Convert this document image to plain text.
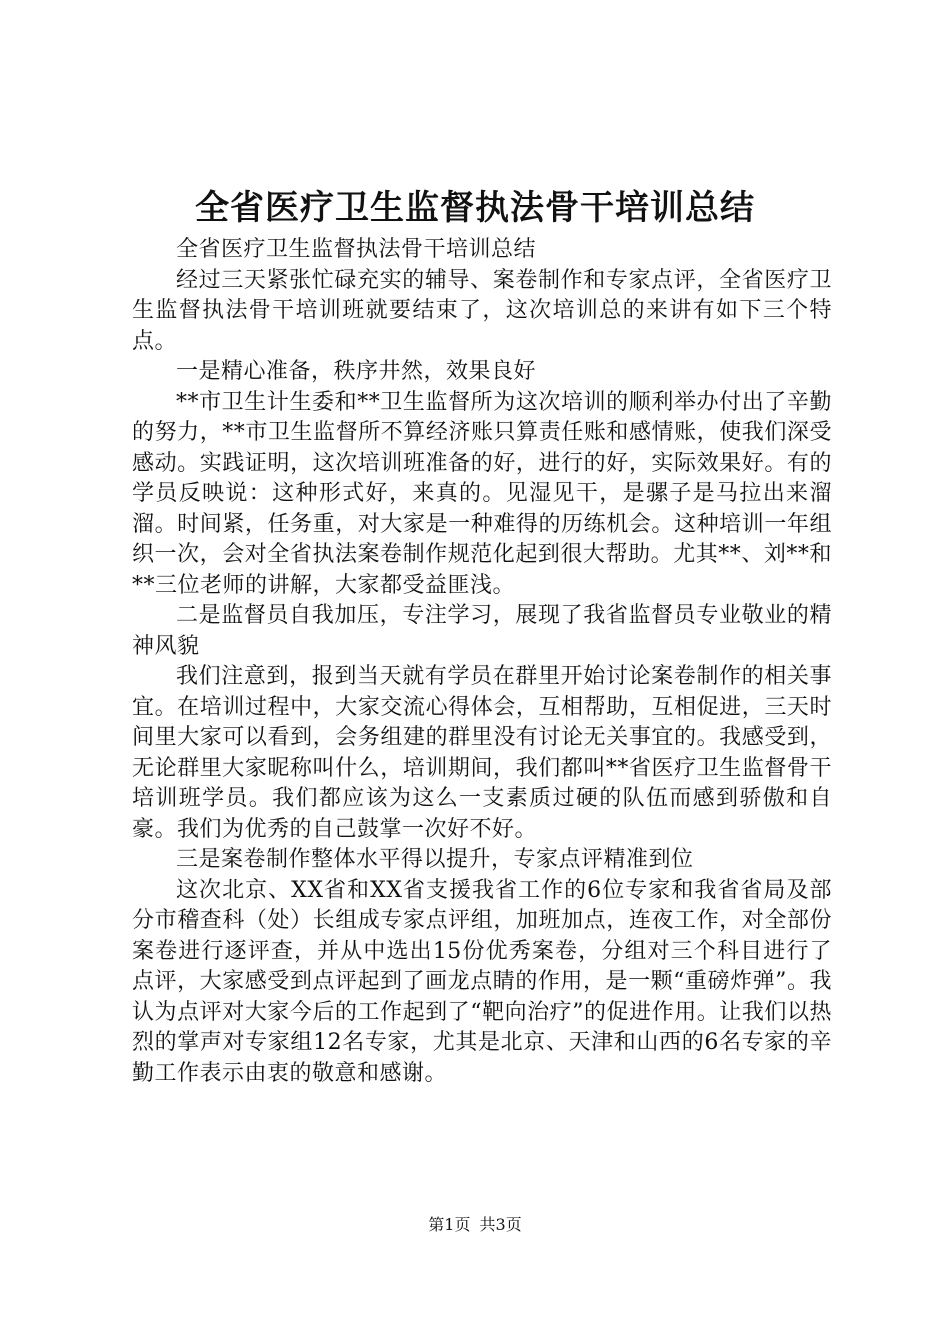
全省医疗卫生监督执法骨干培训总结

全省医疗卫生监督执法骨干培训总结

经过三天紧张忙碌充实的辅导、案卷制作和专家点评，全省医疗卫生监督执法骨干培训班就要结束了，这次培训总的来讲有如下三个特点。

一是精心准备，秩序井然，效果良好

**市卫生计生委和**卫生监督所为这次培训的顺利举办付出了辛勤的努力，**市卫生监督所不算经济账只算责任账和感情账，使我们深受感动。实践证明，这次培训班准备的好，进行的好，实际效果好。有的学员反映说：这种形式好，来真的。见湿见干，是骡子是马拉出来溜溜。时间紧，任务重，对大家是一种难得的历练机会。这种培训一年组织一次，会对全省执法案卷制作规范化起到很大帮助。尤其**、刘**和**三位老师的讲解，大家都受益匪浅。

二是监督员自我加压，专注学习，展现了我省监督员专业敬业的精神风貌

我们注意到，报到当天就有学员在群里开始讨论案卷制作的相关事宜。在培训过程中，大家交流心得体会，互相帮助，互相促进，三天时间里大家可以看到，会务组建的群里没有讨论无关事宜的。我感受到，无论群里大家昵称叫什么，培训期间，我们都叫**省医疗卫生监督骨干培训班学员。我们都应该为这么一支素质过硬的队伍而感到骄傲和自豪。我们为优秀的自己鼓掌一次好不好。

三是案卷制作整体水平得以提升，专家点评精准到位

这次北京、XX省和XX省支援我省工作的6位专家和我省省局及部分市稽查科（处）长组成专家点评组，加班加点，连夜工作，对全部份案卷进行逐评查，并从中选出15份优秀案卷，分组对三个科目进行了点评，大家感受到点评起到了画龙点睛的作用，是一颗“重磅炸弹”。我认为点评对大家今后的工作起到了“靶向治疗”的促进作用。让我们以热烈的掌声对专家组12名专家，尤其是北京、天津和山西的6名专家的辛勤工作表示由衷的敬意和感谢。

第1页 共3页
